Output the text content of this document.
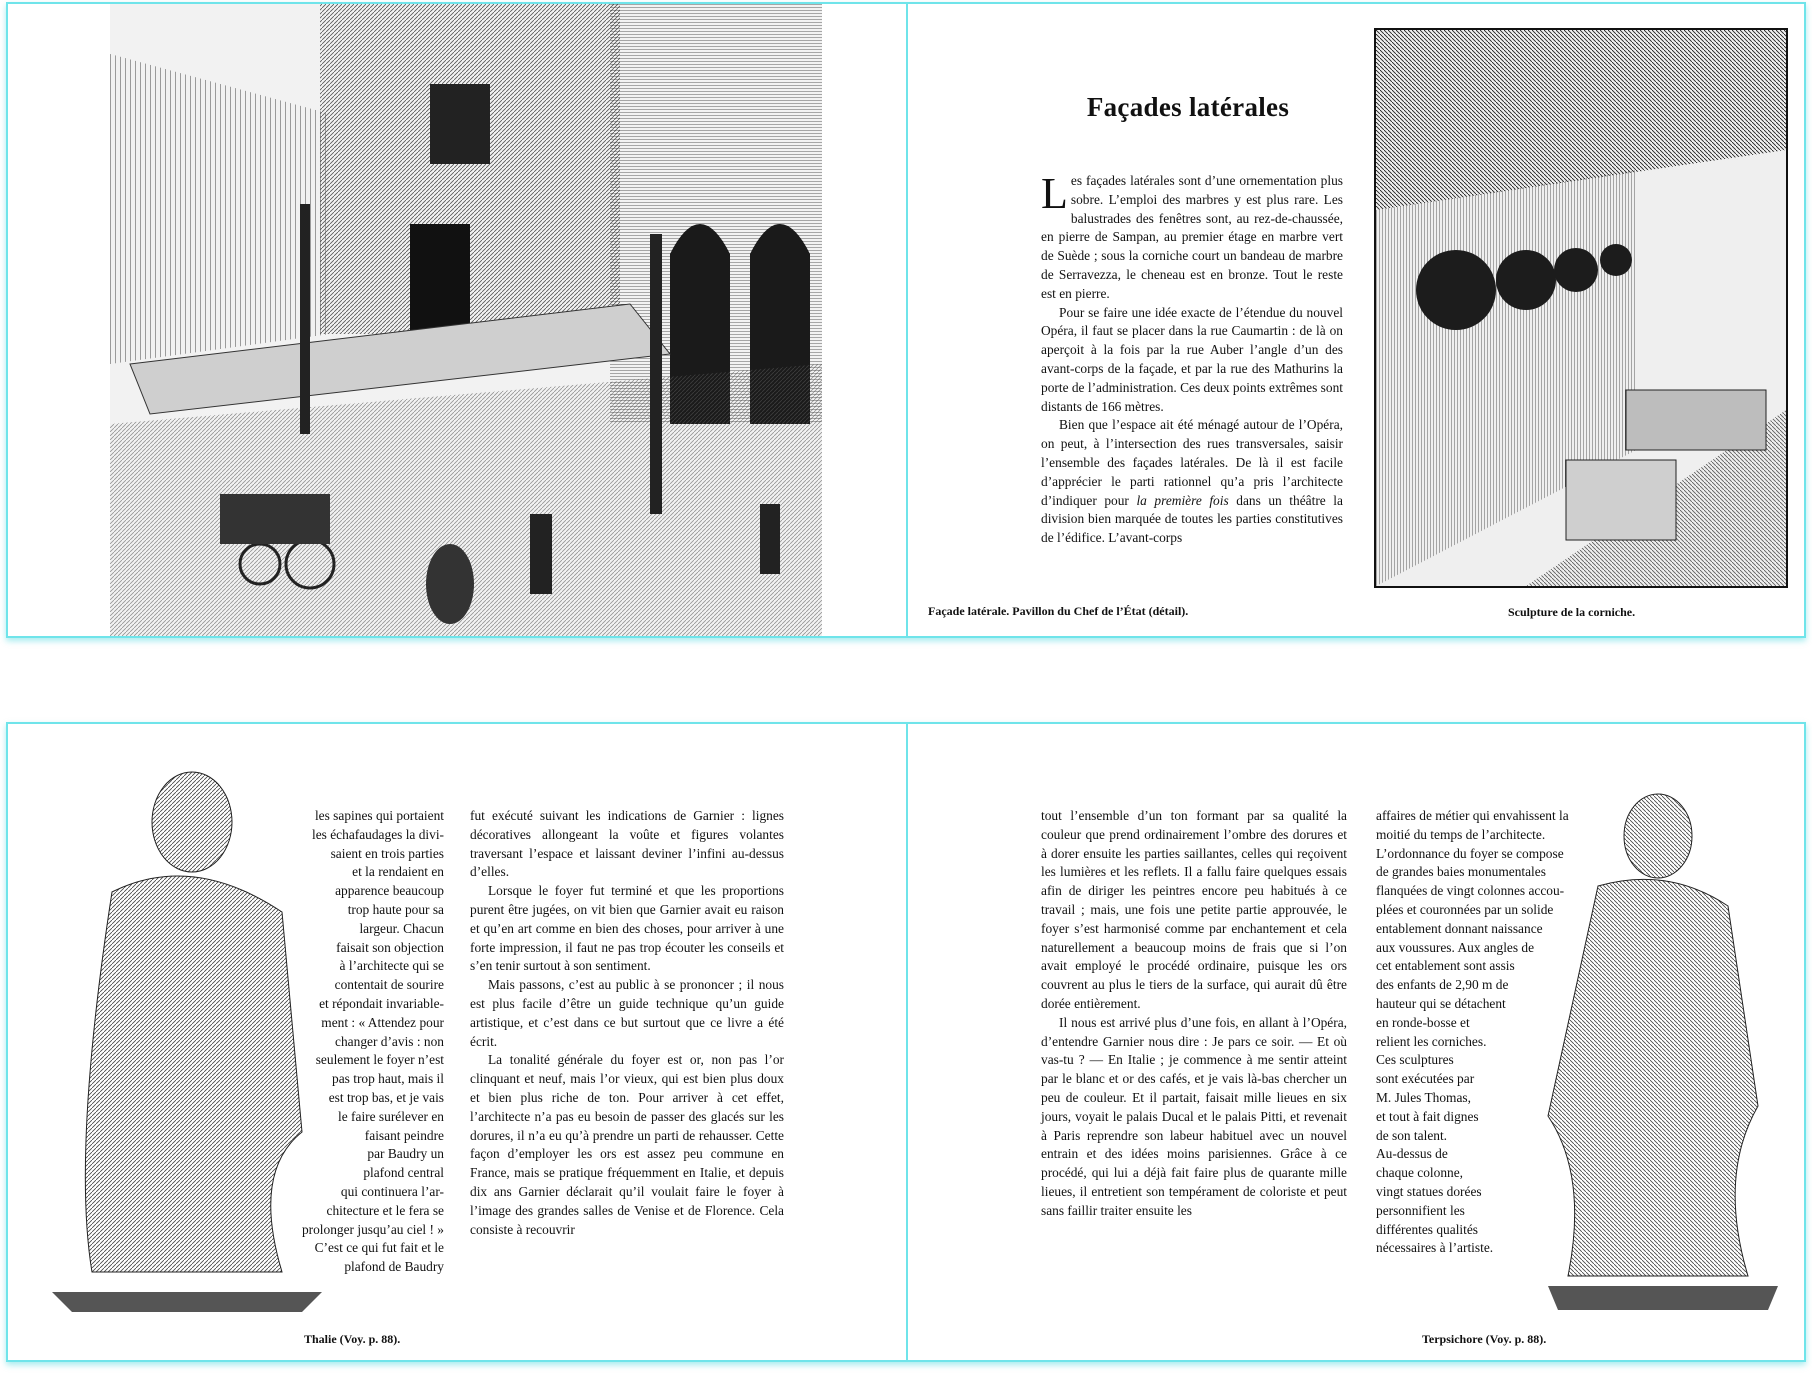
Façades latérales

Les façades latérales sont d’une ornementation plus sobre. L’emploi des marbres y est plus rare. Les balustrades des fenêtres sont, au rez-de-chaussée, en pierre de Sampan, au premier étage en marbre vert de Suède ; sous la corniche court un bandeau de marbre de Serravezza, le cheneau est en bronze. Tout le reste est en pierre.

Pour se faire une idée exacte de l’étendue du nouvel Opéra, il faut se placer dans la rue Caumartin : de là on aperçoit à la fois par la rue Auber l’angle d’un des avant-corps de la façade, et par la rue des Mathurins la porte de l’administration. Ces deux points extrêmes sont distants de 166 mètres.

Bien que l’espace ait été ménagé autour de l’Opéra, on peut, à l’intersection des rues transversales, saisir l’ensemble des façades latérales. De là il est facile d’apprécier le parti rationnel qu’a pris l’architecte d’indiquer pour la première fois dans un théâtre la division bien marquée de toutes les parties constitutives de l’édifice. L’avant-corps

Façade latérale. Pavillon du Chef de l’État (détail).	Sculpture de la corniche.

les sapines qui portaient
les échafaudages la divi-
saient en trois parties
et la rendaient en
apparence beaucoup
trop haute pour sa
largeur. Chacun
faisait son objection
à l’architecte qui se
contentait de sourire
et répondait invariable-
ment : « Attendez pour
changer d’avis : non
seulement le foyer n’est
pas trop haut, mais il
est trop bas, et je vais
le faire surélever en
faisant peindre
par Baudry un
plafond central
qui continuera l’ar-
chitecture et le fera se
prolonger jusqu’au ciel ! »
C’est ce qui fut fait et le
plafond de Baudry

fut exécuté suivant les indications de Garnier : lignes décoratives allongeant la voûte et figures volantes traversant l’espace et laissant deviner l’infini au-dessus d’elles.

Lorsque le foyer fut terminé et que les proportions purent être jugées, on vit bien que Garnier avait eu raison et qu’en art comme en bien des choses, pour arriver à une forte impression, il faut ne pas trop écouter les conseils et s’en tenir surtout à son sentiment.

Mais passons, c’est au public à se prononcer ; il nous est plus facile d’être un guide technique qu’un guide artistique, et c’est dans ce but surtout que ce livre a été écrit.

La tonalité générale du foyer est or, non pas l’or clinquant et neuf, mais l’or vieux, qui est bien plus doux et bien plus riche de ton. Pour arriver à cet effet, l’architecte n’a pas eu besoin de passer des glacés sur les dorures, il n’a eu qu’à prendre un parti de rehausser. Cette façon d’employer les ors est assez peu commune en France, mais se pratique fréquemment en Italie, et depuis dix ans Garnier déclarait qu’il voulait faire le foyer à l’image des grandes salles de Venise et de Florence. Cela consiste à recouvrir

Thalie (Voy. p. 88).

tout l’ensemble d’un ton formant par sa qualité la couleur que prend ordinairement l’ombre des dorures et à dorer ensuite les parties saillantes, celles qui reçoivent les lumières et les reflets. Il a fallu faire quelques essais afin de diriger les peintres encore peu habitués à ce travail ; mais, une fois une petite partie approuvée, le foyer s’est harmonisé comme par enchantement et cela naturellement a beaucoup moins de frais que si l’on avait employé le procédé ordinaire, puisque les ors couvrent au plus le tiers de la surface, qui aurait dû être dorée entièrement.

Il nous est arrivé plus d’une fois, en allant à l’Opéra, d’entendre Garnier nous dire : Je pars ce soir. — Et où vas-tu ? — En Italie ; je commence à me sentir atteint par le blanc et or des cafés, et je vais là-bas chercher un peu de couleur. Et il partait, faisait mille lieues en six jours, voyait le palais Ducal et le palais Pitti, et revenait à Paris reprendre son labeur habituel avec un nouvel entrain et des idées moins parisiennes. Grâce à ce procédé, qui lui a déjà fait faire plus de quarante mille lieues, il entretient son tempérament de coloriste et peut sans faillir traiter ensuite les

affaires de métier qui envahissent la
moitié du temps de l’architecte.
L’ordonnance du foyer se compose
de grandes baies monumentales
flanquées de vingt colonnes accou-
plées et couronnées par un solide
entablement donnant naissance
aux voussures. Aux angles de
cet entablement sont assis
des enfants de 2,90 m de
hauteur qui se détachent
en ronde-bosse et
relient les corniches.
Ces sculptures
sont exécutées par
M. Jules Thomas,
et tout à fait dignes
de son talent.
Au-dessus de
chaque colonne,
vingt statues dorées
personnifient les
différentes qualités
nécessaires à l’artiste.

Terpsichore (Voy. p. 88).
